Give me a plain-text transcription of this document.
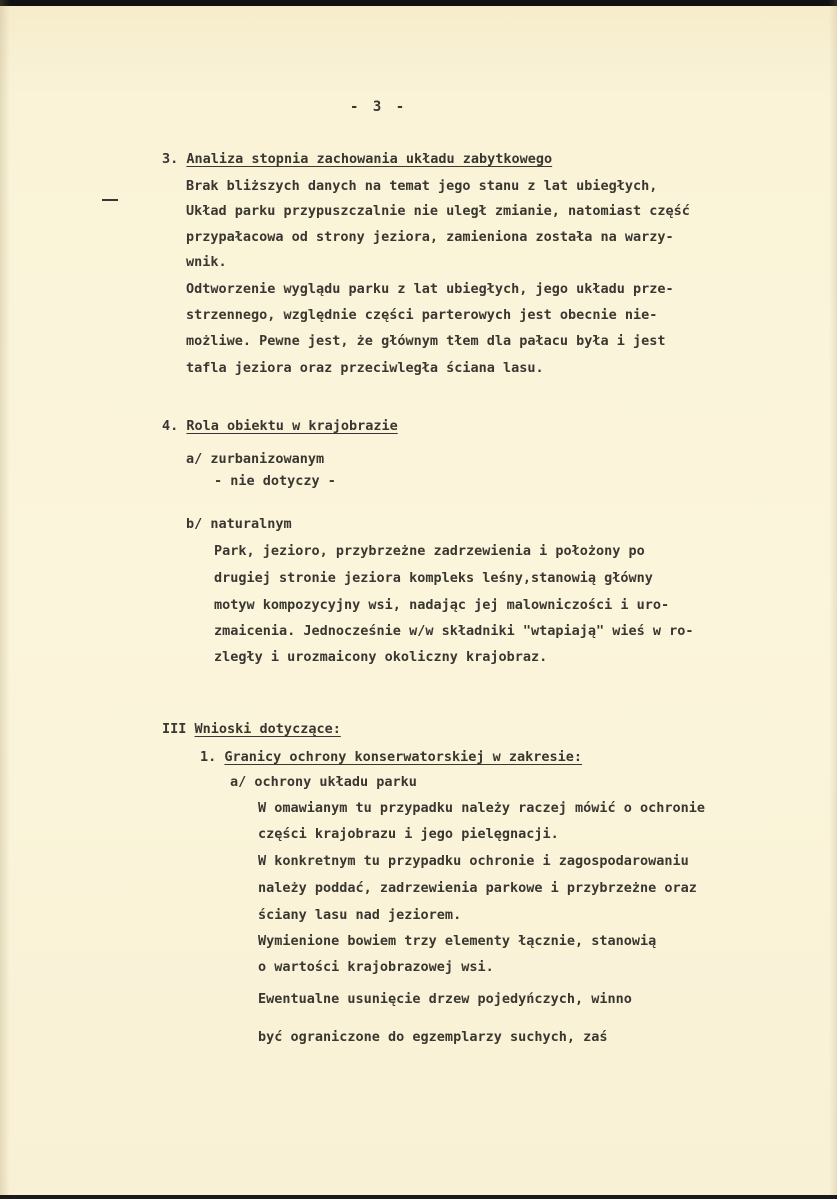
- 3 -
3. Analiza stopnia zachowania układu zabytkowego
Brak bliższych danych na temat jego stanu z lat ubiegłych,
Układ parku przypuszczalnie nie uległ zmianie, natomiast część
przypałacowa od strony jeziora, zamieniona została na warzy-
wnik.
Odtworzenie wyglądu parku z lat ubiegłych, jego układu prze-
strzennego, względnie części parterowych jest obecnie nie-
możliwe. Pewne jest, że głównym tłem dla pałacu była i jest
tafla jeziora oraz przeciwległa ściana lasu.
4. Rola obiektu w krajobrazie
a/ zurbanizowanym
- nie dotyczy -
b/ naturalnym
Park, jezioro, przybrzeżne zadrzewienia i położony po
drugiej stronie jeziora kompleks leśny,stanowią główny
motyw kompozycyjny wsi, nadając jej malowniczości i uro-
zmaicenia. Jednocześnie w/w składniki "wtapiają" wieś w ro-
zległy i urozmaicony okoliczny krajobraz.
III Wnioski dotyczące:
1. Granicy ochrony konserwatorskiej w zakresie:
a/ ochrony układu parku
W omawianym tu przypadku należy raczej mówić o ochronie
części krajobrazu i jego pielęgnacji.
W konkretnym tu przypadku ochronie i zagospodarowaniu
należy poddać, zadrzewienia parkowe i przybrzeżne oraz
ściany lasu nad jeziorem.
Wymienione bowiem trzy elementy łącznie, stanowią
o wartości krajobrazowej wsi.
Ewentualne usunięcie drzew pojedyńczych, winno
być ograniczone do egzemplarzy suchych, zaś
